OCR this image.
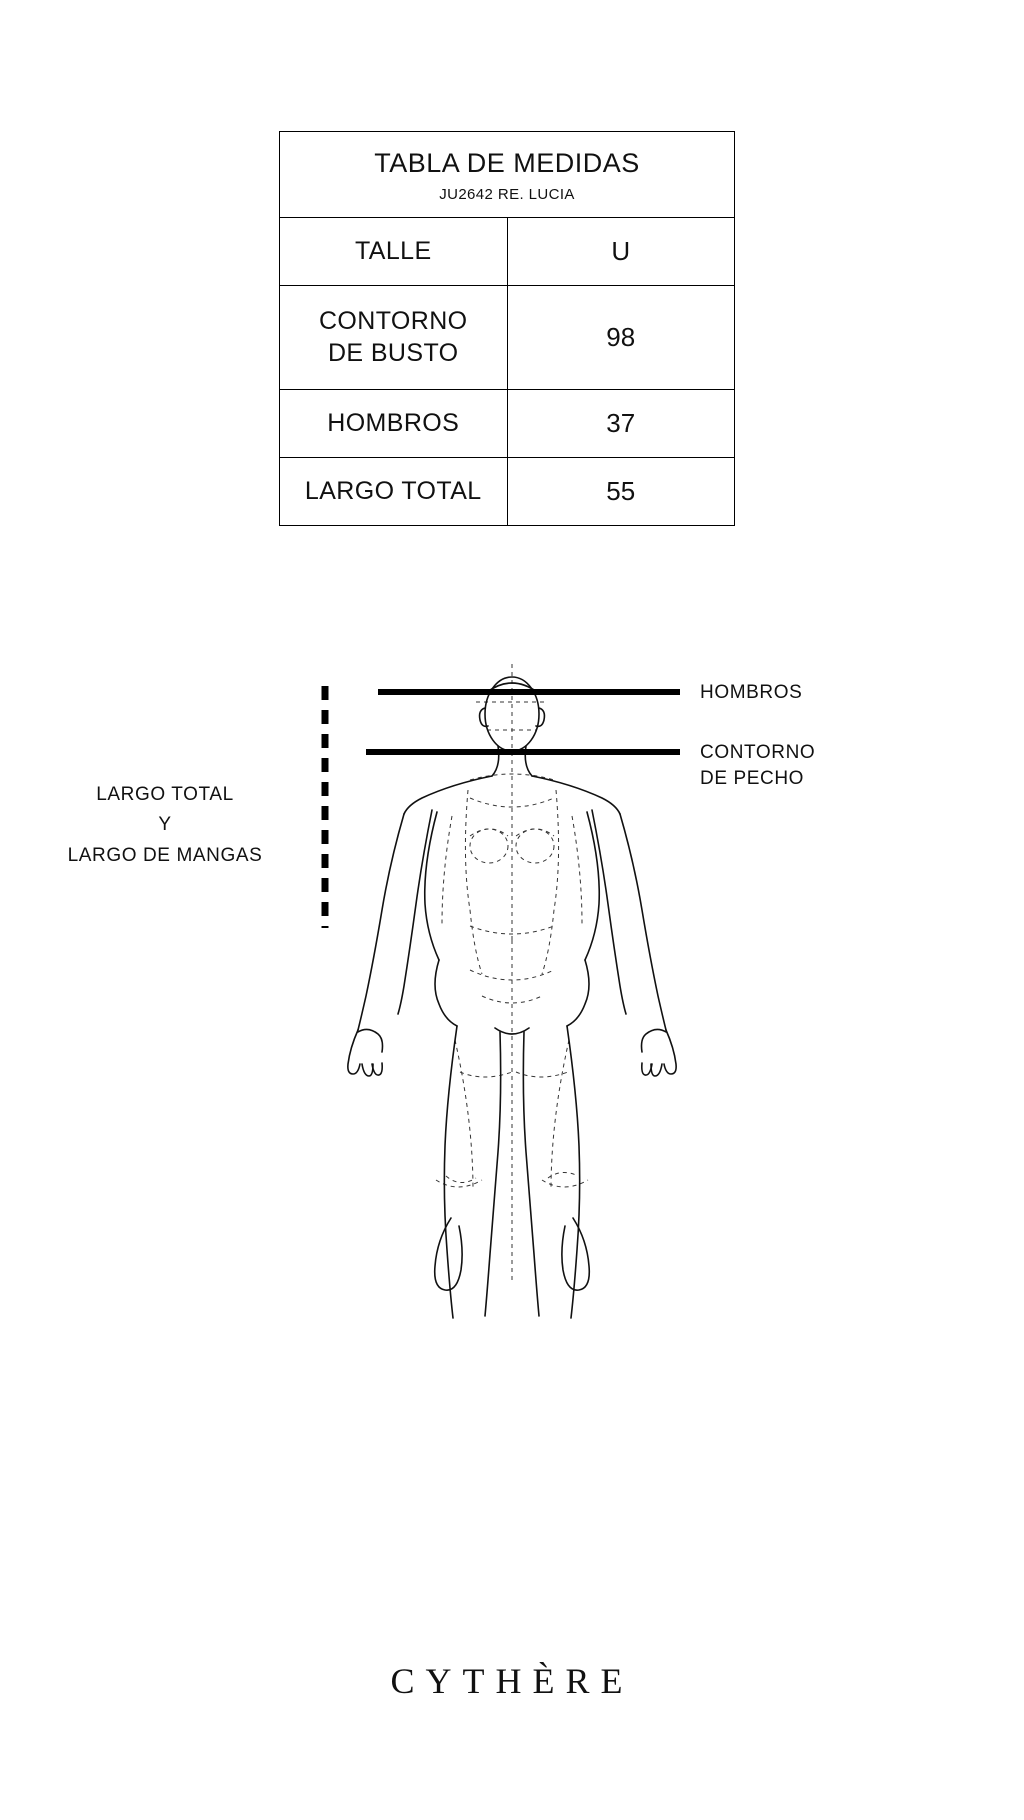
TABLA DE MEDIDAS
JU2642 RE. LUCIA	

TALLE	U
CONTORNO
DE BUSTO	98
HOMBROS	37
LARGO TOTAL	55
HOMBROS
CONTORNO
DE PECHO
LARGO TOTAL
Y
LARGO DE MANGAS
CYTHÈRE
